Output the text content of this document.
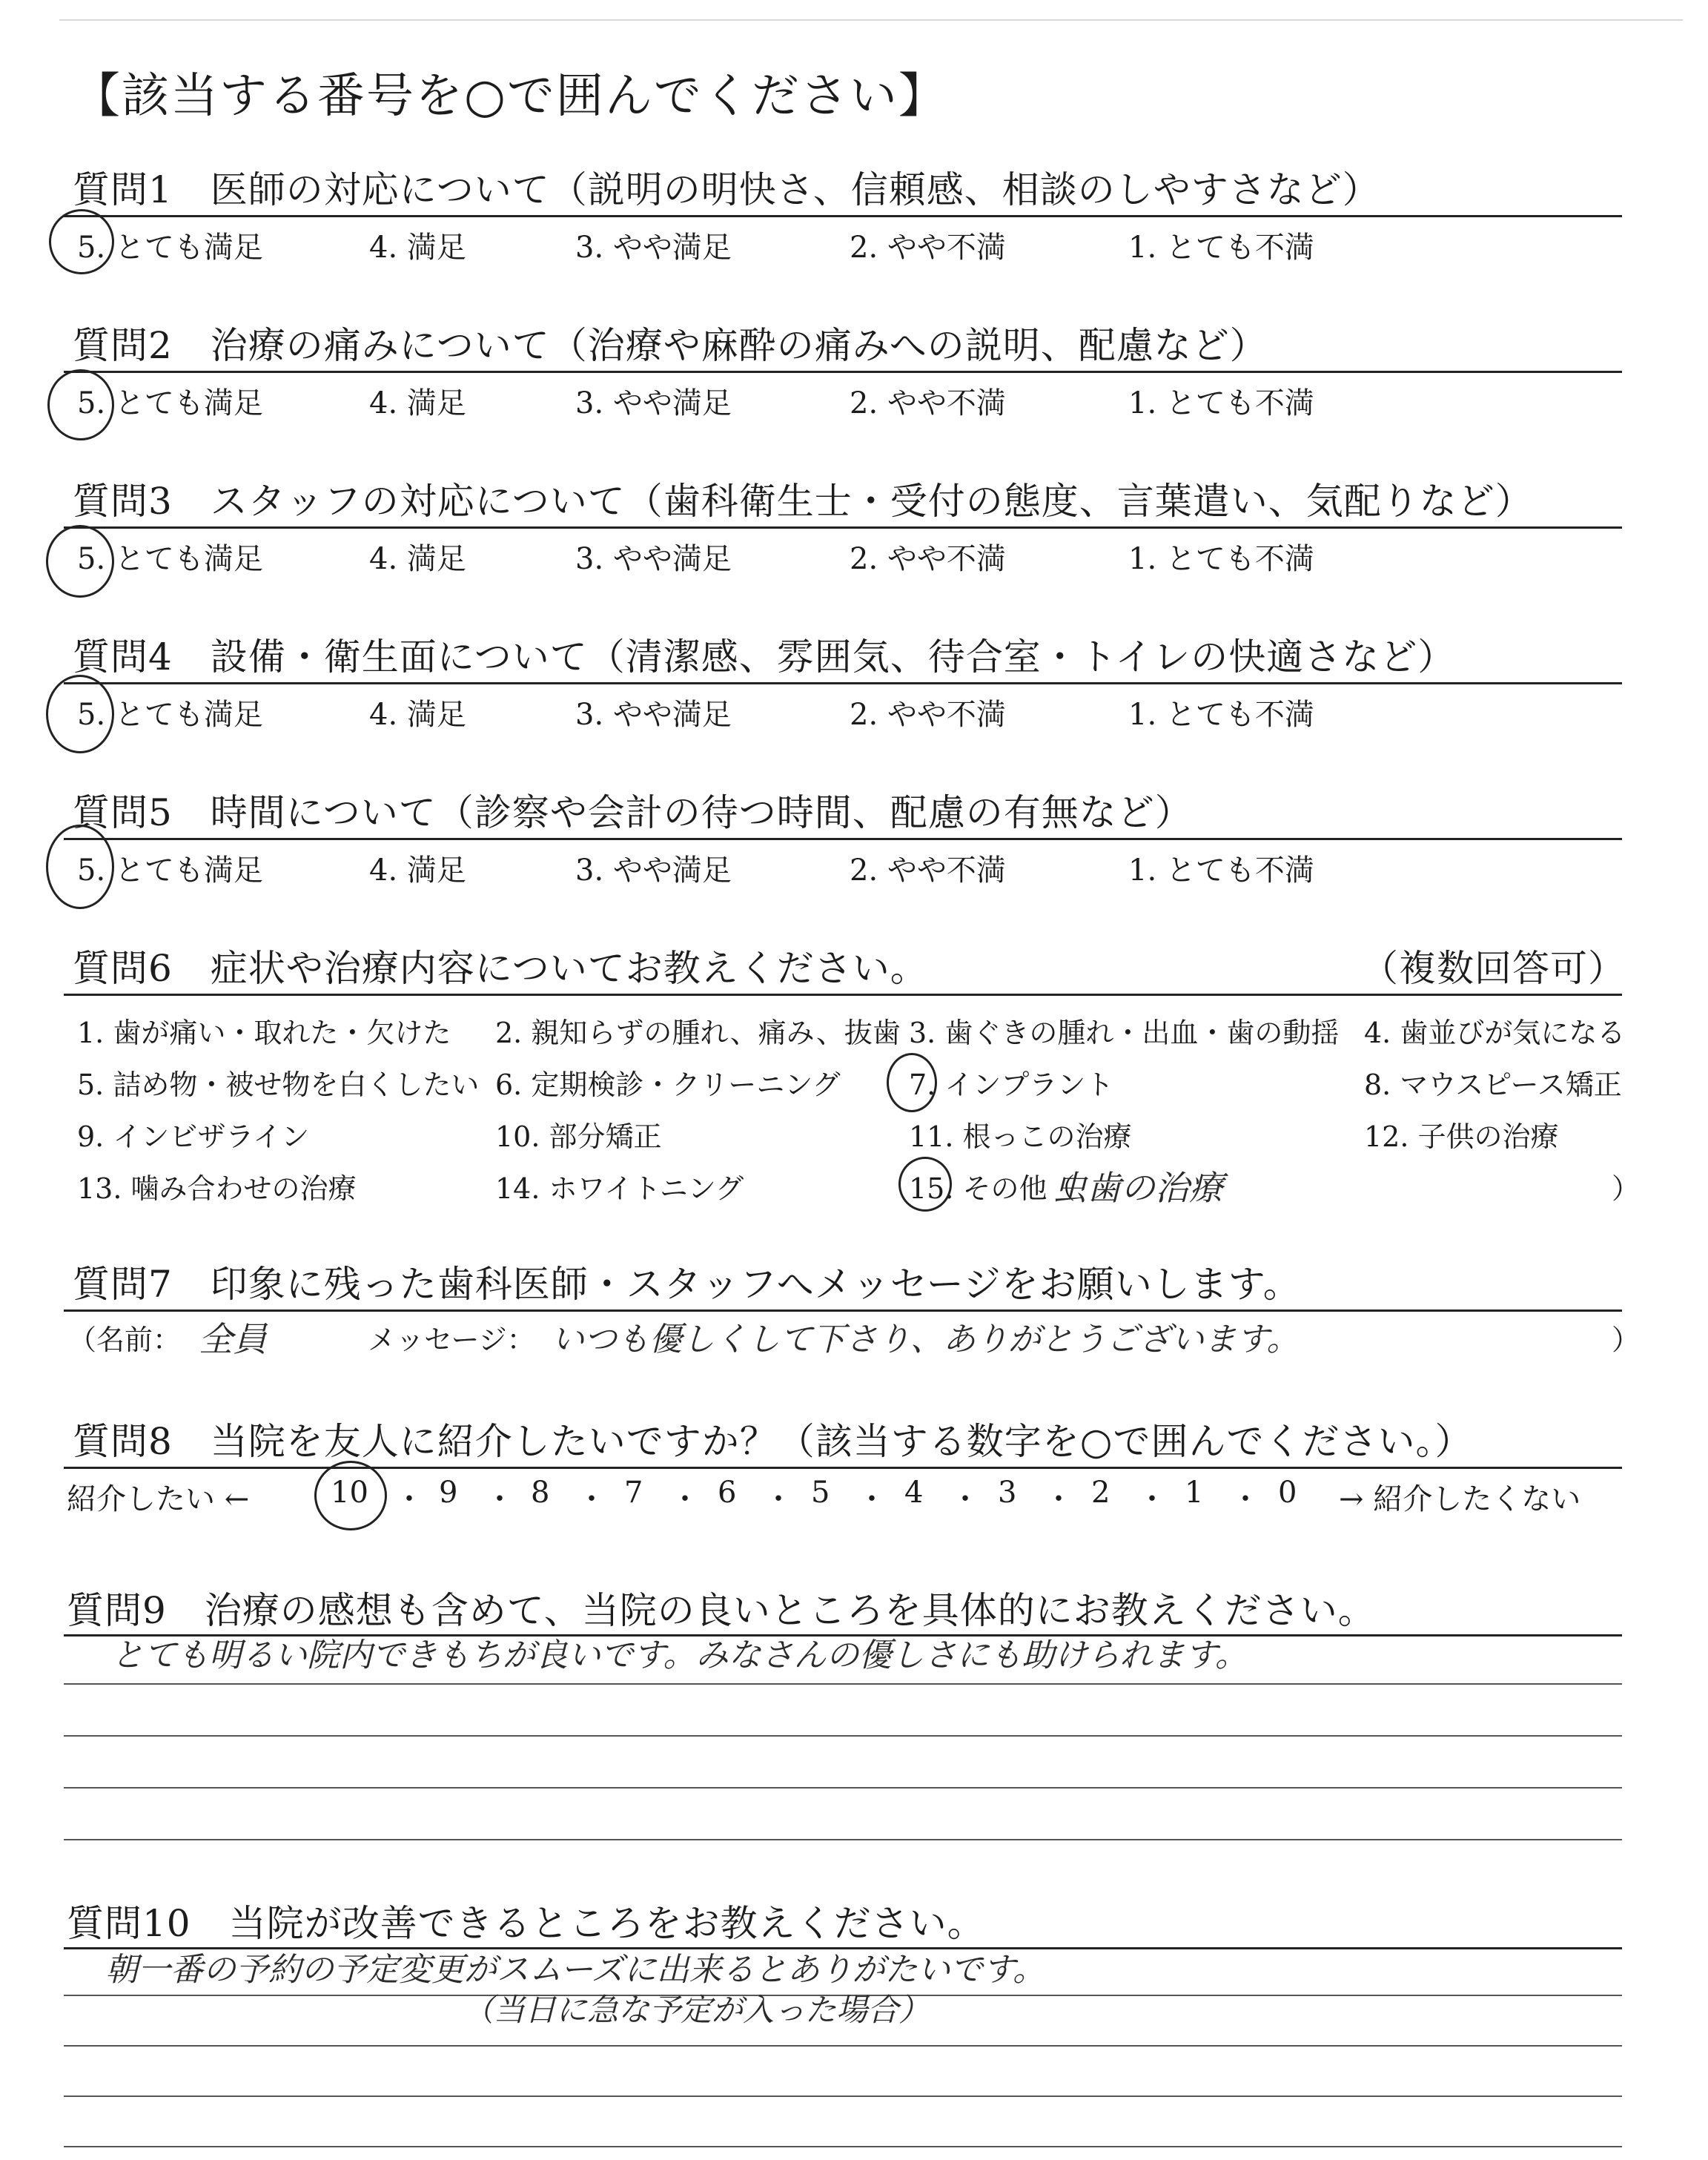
【該当する番号を○で囲んでください】
質問1　医師の対応について（説明の明快さ、信頼感、相談のしやすさなど）
5. とても満足	4. 満足	3. やや満足	2. やや不満	1. とても不満
質問2　治療の痛みについて（治療や麻酔の痛みへの説明、配慮など）
5. とても満足	4. 満足	3. やや満足	2. やや不満	1. とても不満
質問3　スタッフの対応について（歯科衛生士・受付の態度、言葉遣い、気配りなど）
5. とても満足	4. 満足	3. やや満足	2. やや不満	1. とても不満
質問4　設備・衛生面について（清潔感、雰囲気、待合室・トイレの快適さなど）
5. とても満足	4. 満足	3. やや満足	2. やや不満	1. とても不満
質問5　時間について（診察や会計の待つ時間、配慮の有無など）
5. とても満足	4. 満足	3. やや満足	2. やや不満	1. とても不満
質問6　症状や治療内容についてお教えください。	（複数回答可）
1. 歯が痛い・取れた・欠けた 2. 親知らずの腫れ、痛み、抜歯 3. 歯ぐきの腫れ・出血・歯の動揺 4. 歯並びが気になる
5. 詰め物・被せ物を白くしたい 6. 定期検診・クリーニング 7. インプラント	8. マウスピース矯正
9. インビザライン	10. 部分矯正	11. 根っこの治療	12. 子供の治療
13. 噛み合わせの治療	14. ホワイトニング	15. その他（
虫歯の治療	）
質問7　印象に残った歯科医師・スタッフへメッセージをお願いします。
（名前： 全員	メッセージ： いつも優しくして下さり、ありがとうございます。	）
質問8　当院を友人に紹介したいですか？（該当する数字を○で囲んでください。）
紹介したい ←	10 ・ 9 ・ 8 ・ 7 ・ 6 ・ 5 ・ 4 ・ 3 ・ 2 ・ 1 ・ 0 → 紹介したくない
質問9　治療の感想も含めて、当院の良いところを具体的にお教えください。
とても明るい院内できもちが良いです。みなさんの優しさにも助けられます。
質問10　当院が改善できるところをお教えください。
朝一番の予約の予定変更がスムーズに出来るとありがたいです。
（当日に急な予定が入った場合）
